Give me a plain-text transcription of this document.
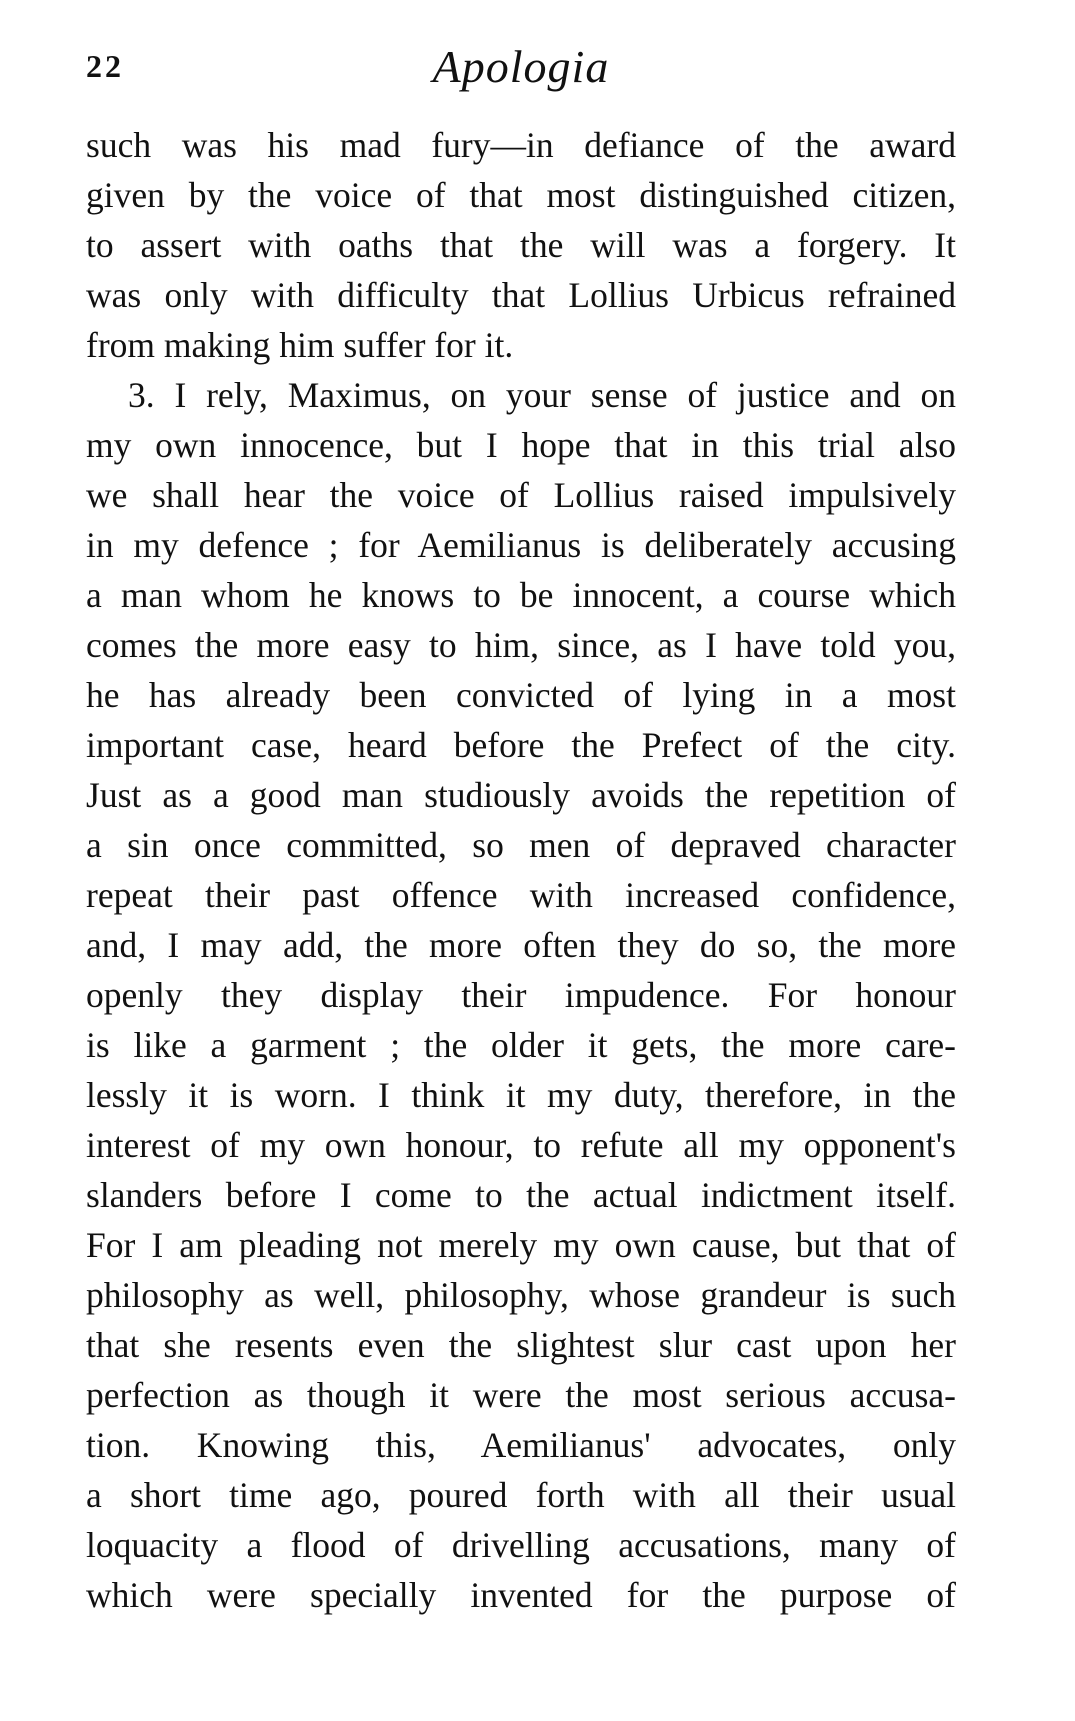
22	Apologia
such was his mad fury—in defiance of the award
given by the voice of that most distinguished citizen,
to assert with oaths that the will was a forgery. It
was only with difficulty that Lollius Urbicus refrained
from making him suffer for it.
3. I rely, Maximus, on your sense of justice and on
my own innocence, but I hope that in this trial also
we shall hear the voice of Lollius raised impulsively
in my defence ; for Aemilianus is deliberately accusing
a man whom he knows to be innocent, a course which
comes the more easy to him, since, as I have told you,
he has already been convicted of lying in a most
important case, heard before the Prefect of the city.
Just as a good man studiously avoids the repetition of
a sin once committed, so men of depraved character
repeat their past offence with increased confidence,
and, I may add, the more often they do so, the more
openly they display their impudence. For honour
is like a garment ; the older it gets, the more care-
lessly it is worn. I think it my duty, therefore, in the
interest of my own honour, to refute all my opponent's
slanders before I come to the actual indictment itself.
For I am pleading not merely my own cause, but that of
philosophy as well, philosophy, whose grandeur is such
that she resents even the slightest slur cast upon her
perfection as though it were the most serious accusa-
tion. Knowing this, Aemilianus' advocates, only
a short time ago, poured forth with all their usual
loquacity a flood of drivelling accusations, many of
which were specially invented for the purpose of
